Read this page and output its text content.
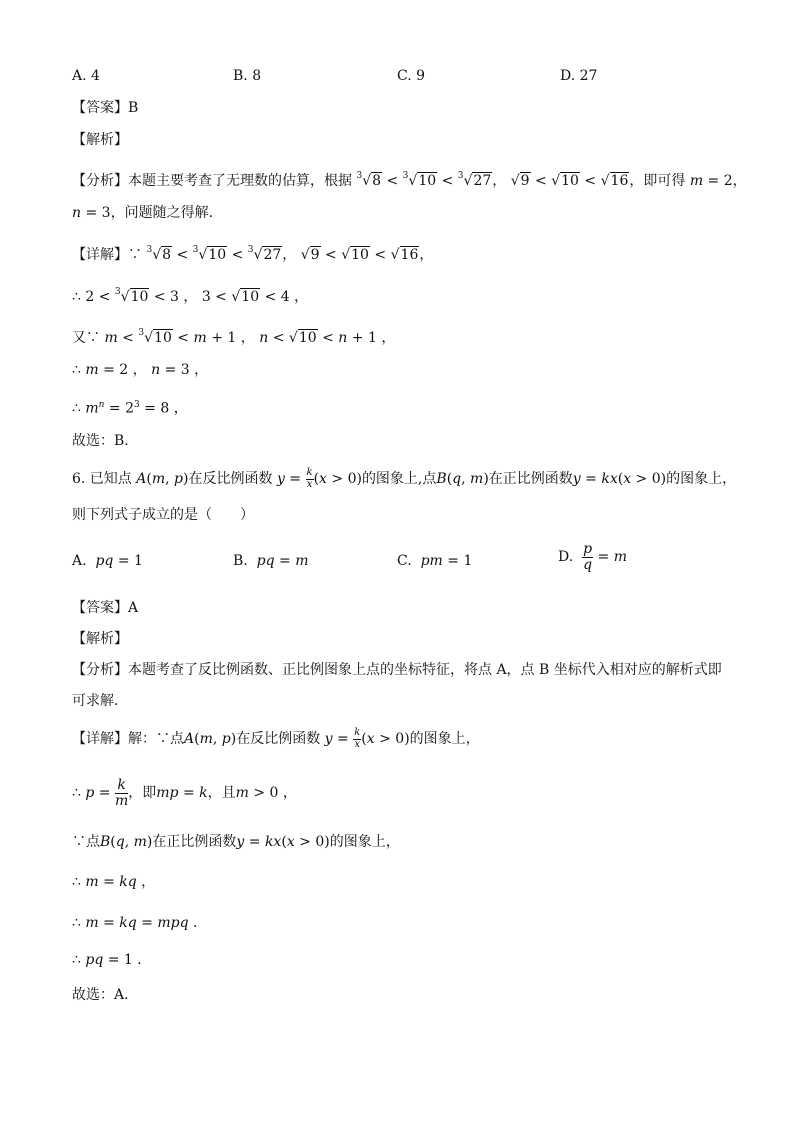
A. 4	B. 8	C. 9	D. 27
【答案】B
【解析】
【分析】本题主要考查了无理数的估算，根据 3√8 < 3√10 < 3√27， √9 < √10 < √16，即可得 m = 2，
n = 3，问题随之得解．
【详解】∵ 3√8 < 3√10 < 3√27， √9 < √10 < √16，
∴ 2 < 3√10 < 3 ， 3 < √10 < 4 ，
又∵ m < 3√10 < m + 1 ， n < √10 < n + 1 ，
∴ m = 2 ， n = 3 ，
∴ $m^n = 2^3 = 8$ ，
故选：B．
6. 已知点 A(m, p)在反比例函数 $y = \frac{k}{x} (x > 0)$的图象上,点B(q, m)在正比例函数y = kx(x > 0)的图象上，
则下列式子成立的是（　　）
A. pq = 1	B. pq = m	C. pm = 1	D. $\frac{p}{q} = m$
【答案】A
【解析】
【分析】本题考查了反比例函数、正比例图象上点的坐标特征，将点 A，点 B 坐标代入相对应的解析式即
可求解．
【详解】解：∵点A(m, p)在反比例函数 $y = \frac{k}{x} (x > 0)$的图象上，
∴ $p = \frac{k}{m}$ ，即mp = k，且m > 0 ，
∵点B(q, m)在正比例函数y = kx(x > 0)的图象上，
∴ m = kq ，
∴ m = kq = mpq ．
∴ pq = 1 ．
故选：A．
